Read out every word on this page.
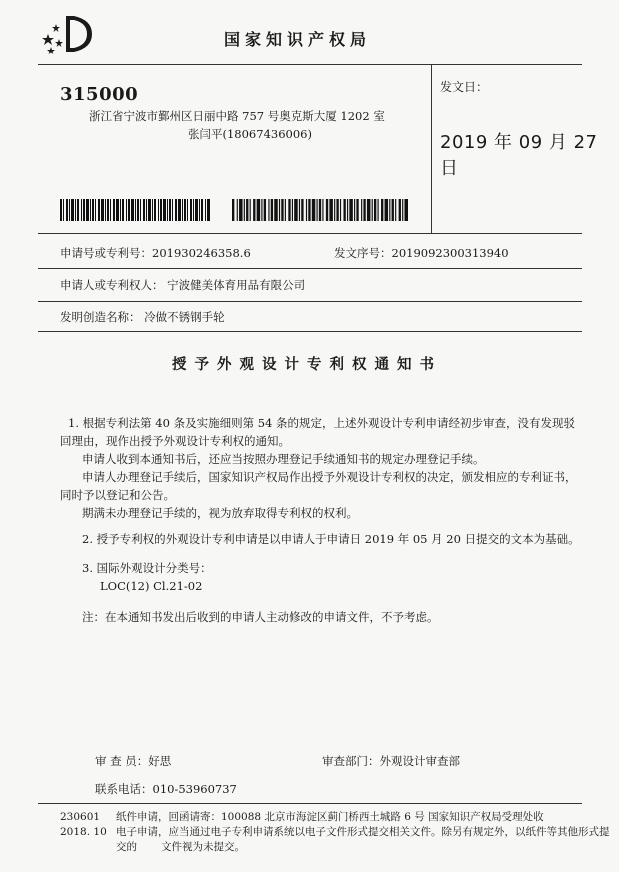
国家知识产权局
315000
浙江省宁波市鄞州区日丽中路 757 号奥克斯大厦 1202 室
张闫平(18067436006)
发文日：
2019 年 09 月 27 日
申请号或专利号：201930246358.6	发文序号：2019092300313940
申请人或专利权人： 宁波健美体育用品有限公司
发明创造名称： 冷做不锈钢手轮
授予外观设计专利权通知书
1. 根据专利法第 40 条及实施细则第 54 条的规定，上述外观设计专利申请经初步审查，没有发现驳
回理由，现作出授予外观设计专利权的通知。
申请人收到本通知书后，还应当按照办理登记手续通知书的规定办理登记手续。
申请人办理登记手续后，国家知识产权局作出授予外观设计专利权的决定，颁发相应的专利证书，
同时予以登记和公告。
期满未办理登记手续的，视为放弃取得专利权的权利。
2. 授予专利权的外观设计专利申请是以申请人于申请日 2019 年 05 月 20 日提交的文本为基础。
3. 国际外观设计分类号：
LOC(12) Cl.21-02
注：在本通知书发出后收到的申请人主动修改的申请文件，不予考虑。
审 查 员：好思	审查部门：外观设计审查部
联系电话：010-53960737
230601
2018. 10
纸件申请，回函请寄：100088 北京市海淀区蓟门桥西土城路 6 号 国家知识产权局受理处收
电子申请，应当通过电子专利申请系统以电子文件形式提交相关文件。除另有规定外，以纸件等其他形式提交的	文件视为未提交。
